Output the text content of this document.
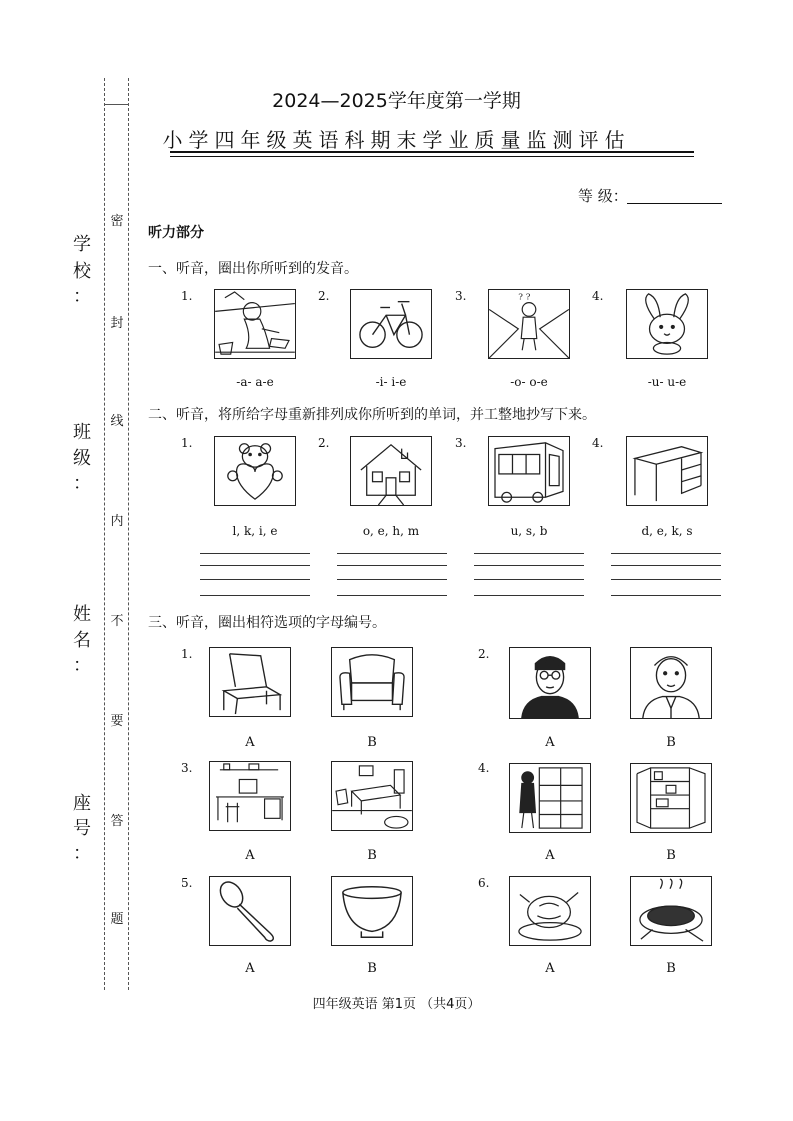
学
校
：
班
级
：
姓
名
：
座
号
：
密
封
线
内
不
要
答
题
2024—2025学年度第一学期
小学四年级英语科期末学业质量监测评估
等 级：
听力部分
一、听音，圈出你所听到的发音。
1.
-a- a-e
2.
-i- i-e
3.	? ?
-o- o-e
4.
-u- u-e
二、听音，将所给字母重新排列成你所听到的单词，并工整地抄写下来。
1.
l, k, i, e
2.
o, e, h, m
3.
u, s, b
4.
d, e, k, s
三、听音，圈出相符选项的字母编号。
1.
A	B
2.
A	B
3.
A	B
4.
A	B
5.
A	B
6.
A	B
四年级英语 第1页 （共4页）
